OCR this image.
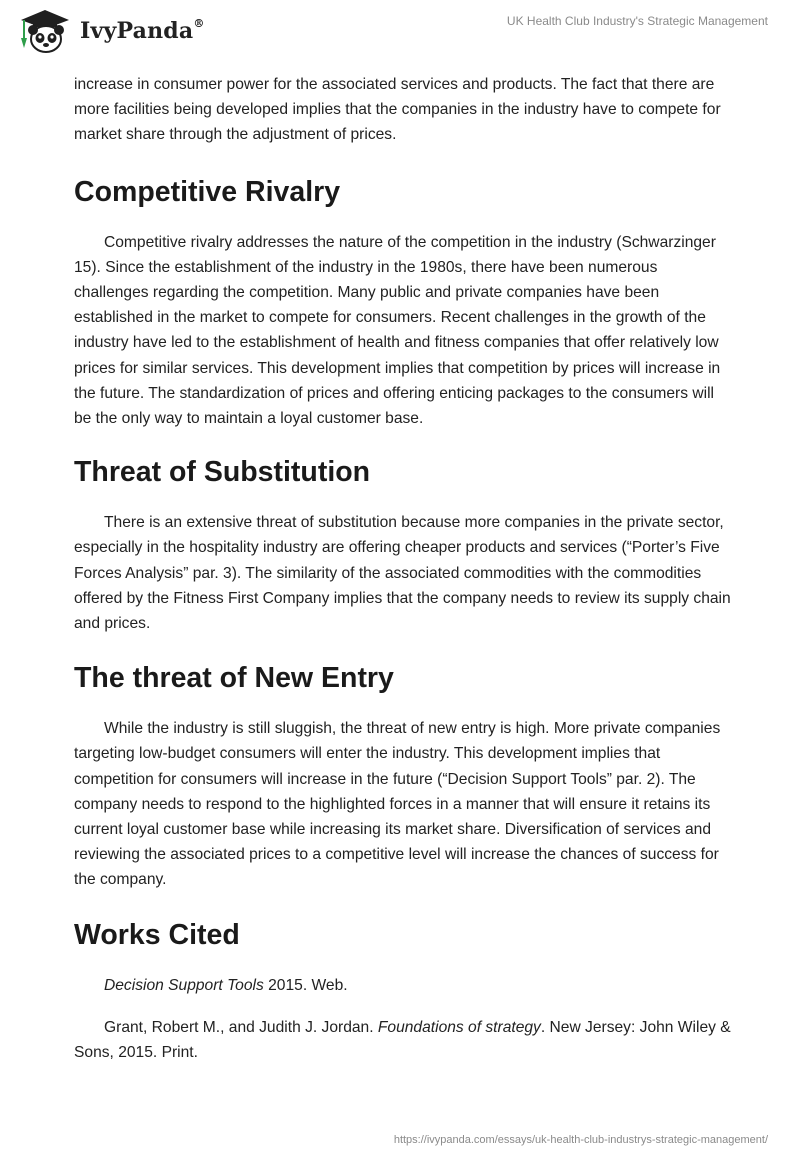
IvyPanda®	UK Health Club Industry's Strategic Management

increase in consumer power for the associated services and products. The fact that there are more facilities being developed implies that the companies in the industry have to compete for market share through the adjustment of prices.

Competitive Rivalry

Competitive rivalry addresses the nature of the competition in the industry (Schwarzinger 15). Since the establishment of the industry in the 1980s, there have been numerous challenges regarding the competition. Many public and private companies have been established in the market to compete for consumers. Recent challenges in the growth of the industry have led to the establishment of health and fitness companies that offer relatively low prices for similar services. This development implies that competition by prices will increase in the future. The standardization of prices and offering enticing packages to the consumers will be the only way to maintain a loyal customer base.

Threat of Substitution

There is an extensive threat of substitution because more companies in the private sector, especially in the hospitality industry are offering cheaper products and services (“Porter’s Five Forces Analysis” par. 3). The similarity of the associated commodities with the commodities offered by the Fitness First Company implies that the company needs to review its supply chain and prices.

The threat of New Entry

While the industry is still sluggish, the threat of new entry is high. More private companies targeting low-budget consumers will enter the industry. This development implies that competition for consumers will increase in the future (“Decision Support Tools” par. 2). The company needs to respond to the highlighted forces in a manner that will ensure it retains its current loyal customer base while increasing its market share. Diversification of services and reviewing the associated prices to a competitive level will increase the chances of success for the company.

Works Cited

Decision Support Tools 2015. Web.

Grant, Robert M., and Judith J. Jordan. Foundations of strategy. New Jersey: John Wiley & Sons, 2015. Print.

https://ivypanda.com/essays/uk-health-club-industrys-strategic-management/
